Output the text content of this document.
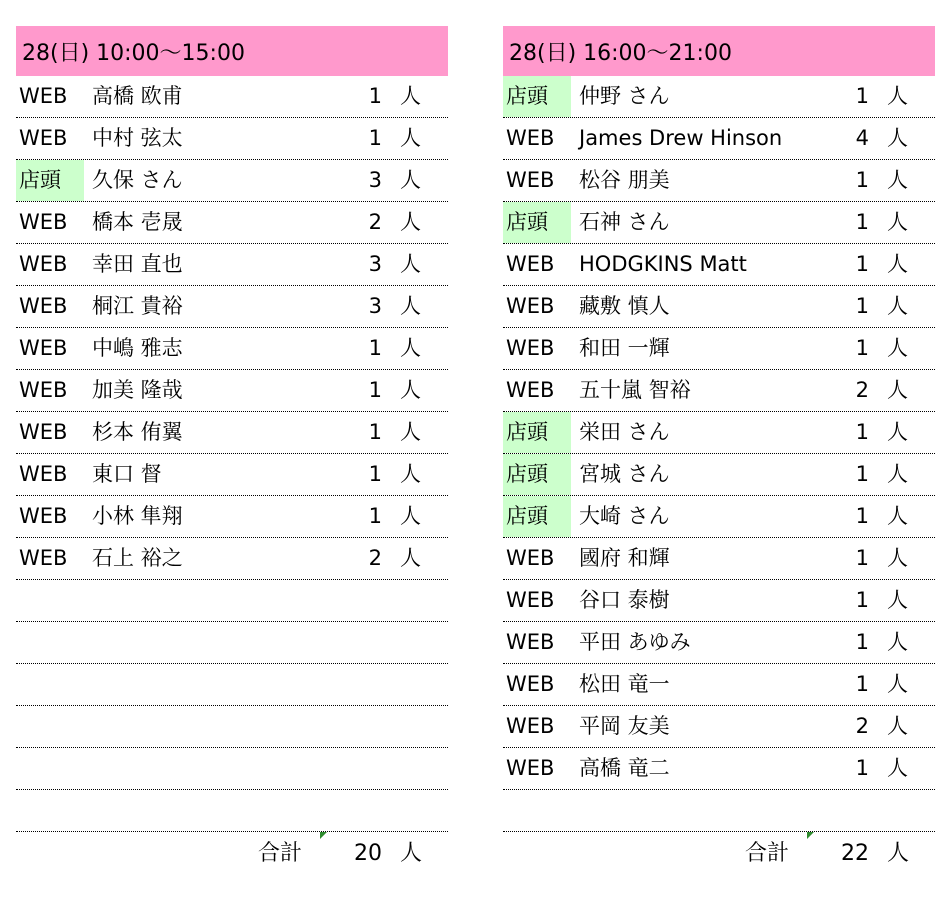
28(日) 10:00〜15:00
WEB	高橋 欧甫	1 人
WEB	中村 弦太	1 人
店頭	久保 さん	3 人
WEB	橋本 壱晟	2 人
WEB	幸田 直也	3 人
WEB	桐江 貴裕	3 人
WEB	中嶋 雅志	1 人
WEB	加美 隆哉	1 人
WEB	杉本 侑翼	1 人
WEB	東口 督	1 人
WEB	小林 隼翔	1 人
WEB	石上 裕之	2 人
合計 20 人
28(日) 16:00〜21:00
店頭	仲野 さん	1 人
WEB	James Drew Hinson	4 人
WEB	松谷 朋美	1 人
店頭	石神 さん	1 人
WEB	HODGKINS Matt	1 人
WEB	藏敷 慎人	1 人
WEB	和田 一輝	1 人
WEB	五十嵐 智裕	2 人
店頭	栄田 さん	1 人
店頭	宮城 さん	1 人
店頭	大崎 さん	1 人
WEB	國府 和輝	1 人
WEB	谷口 泰樹	1 人
WEB	平田 あゆみ	1 人
WEB	松田 竜一	1 人
WEB	平岡 友美	2 人
WEB	高橋 竜二	1 人
合計 22 人
